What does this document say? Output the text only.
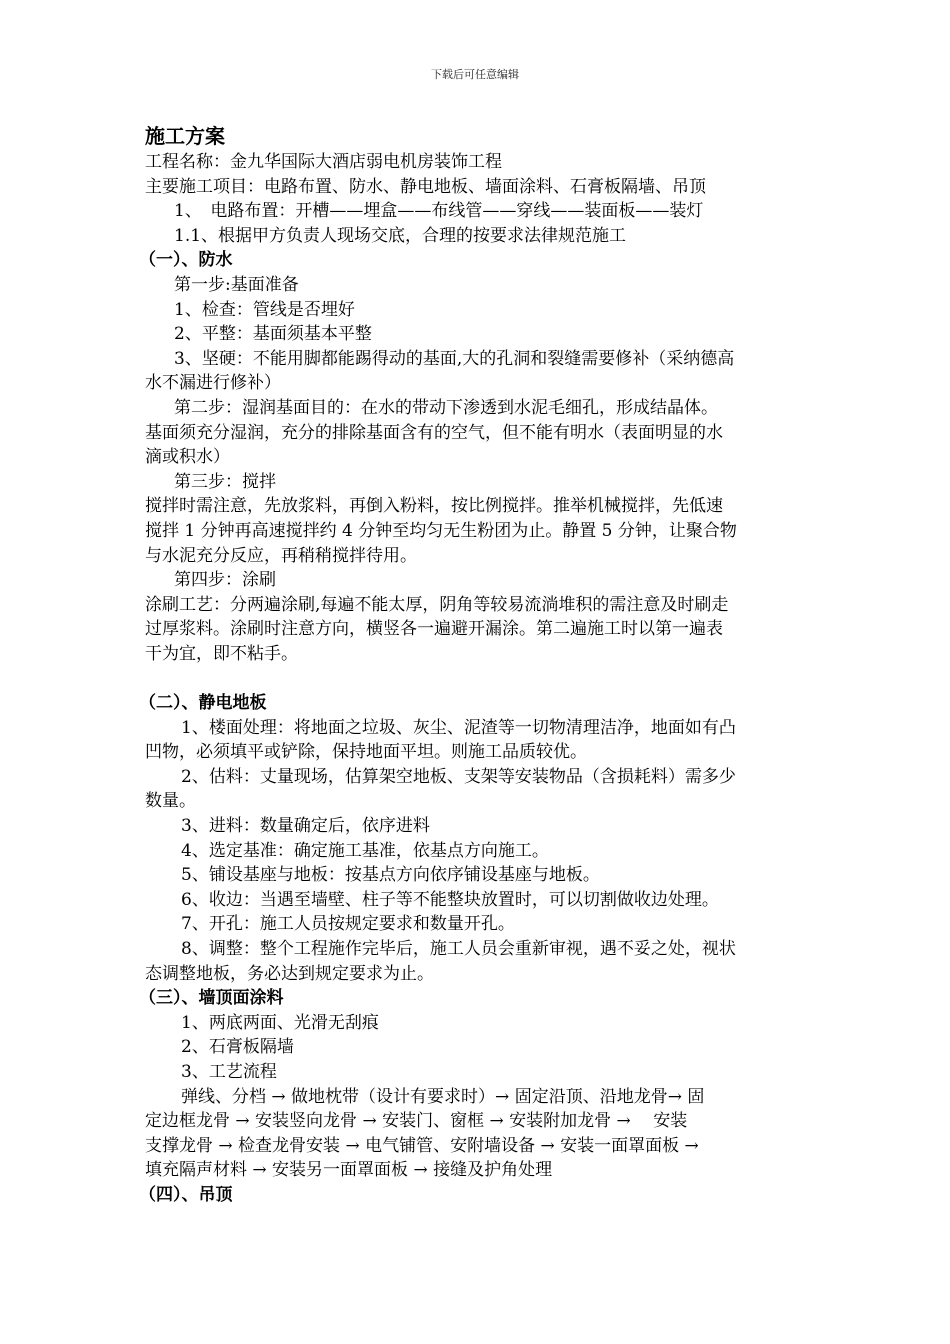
下载后可任意编辑
施工方案
工程名称：金九华国际大酒店弱电机房装饰工程
主要施工项目：电路布置、防水、静电地板、墙面涂料、石膏板隔墙、吊顶
1、　电路布置：开槽——埋盒——布线管——穿线——装面板——装灯
1.1、根据甲方负责人现场交底，合理的按要求法律规范施工
（一）、防水
第一步:基面准备
1、检查：管线是否埋好
2、平整：基面须基本平整
3、坚硬：不能用脚都能踢得动的基面,大的孔洞和裂缝需要修补（采纳德高
水不漏进行修补）
第二步：湿润基面目的：在水的带动下渗透到水泥毛细孔，形成结晶体。
基面须充分湿润，充分的排除基面含有的空气，但不能有明水（表面明显的水
滴或积水）
第三步：搅拌
搅拌时需注意，先放浆料，再倒入粉料，按比例搅拌。推举机械搅拌，先低速
搅拌 1 分钟再高速搅拌约 4 分钟至均匀无生粉团为止。静置 5 分钟，让聚合物
与水泥充分反应，再稍稍搅拌待用。
第四步：涂刷
涂刷工艺：分两遍涂刷,每遍不能太厚，阴角等较易流淌堆积的需注意及时刷走
过厚浆料。涂刷时注意方向，横竖各一遍避开漏涂。第二遍施工时以第一遍表
干为宜，即不粘手。
（二）、静电地板
1、楼面处理：将地面之垃圾、灰尘、泥渣等一切物清理洁净，地面如有凸
凹物，必须填平或铲除，保持地面平坦。则施工品质较优。
2、估料：丈量现场，估算架空地板、支架等安装物品（含损耗料）需多少
数量。
3、进料：数量确定后，依序进料
4、选定基准：确定施工基准，依基点方向施工。
5、铺设基座与地板：按基点方向依序铺设基座与地板。
6、收边：当遇至墙壁、柱子等不能整块放置时，可以切割做收边处理。
7、开孔：施工人员按规定要求和数量开孔。
8、调整：整个工程施作完毕后，施工人员会重新审视，遇不妥之处，视状
态调整地板，务必达到规定要求为止。
（三）、墙顶面涂料
1、两底两面、光滑无刮痕
2、石膏板隔墙
3、工艺流程
弹线、分档 → 做地枕带（设计有要求时）→ 固定沿顶、沿地龙骨→ 固
定边框龙骨 → 安装竖向龙骨 → 安装门、窗框 → 安装附加龙骨 →　 安装
支撑龙骨 → 检查龙骨安装 → 电气铺管、安附墙设备 → 安装一面罩面板 →
填充隔声材料 → 安装另一面罩面板 → 接缝及护角处理
（四）、吊顶
